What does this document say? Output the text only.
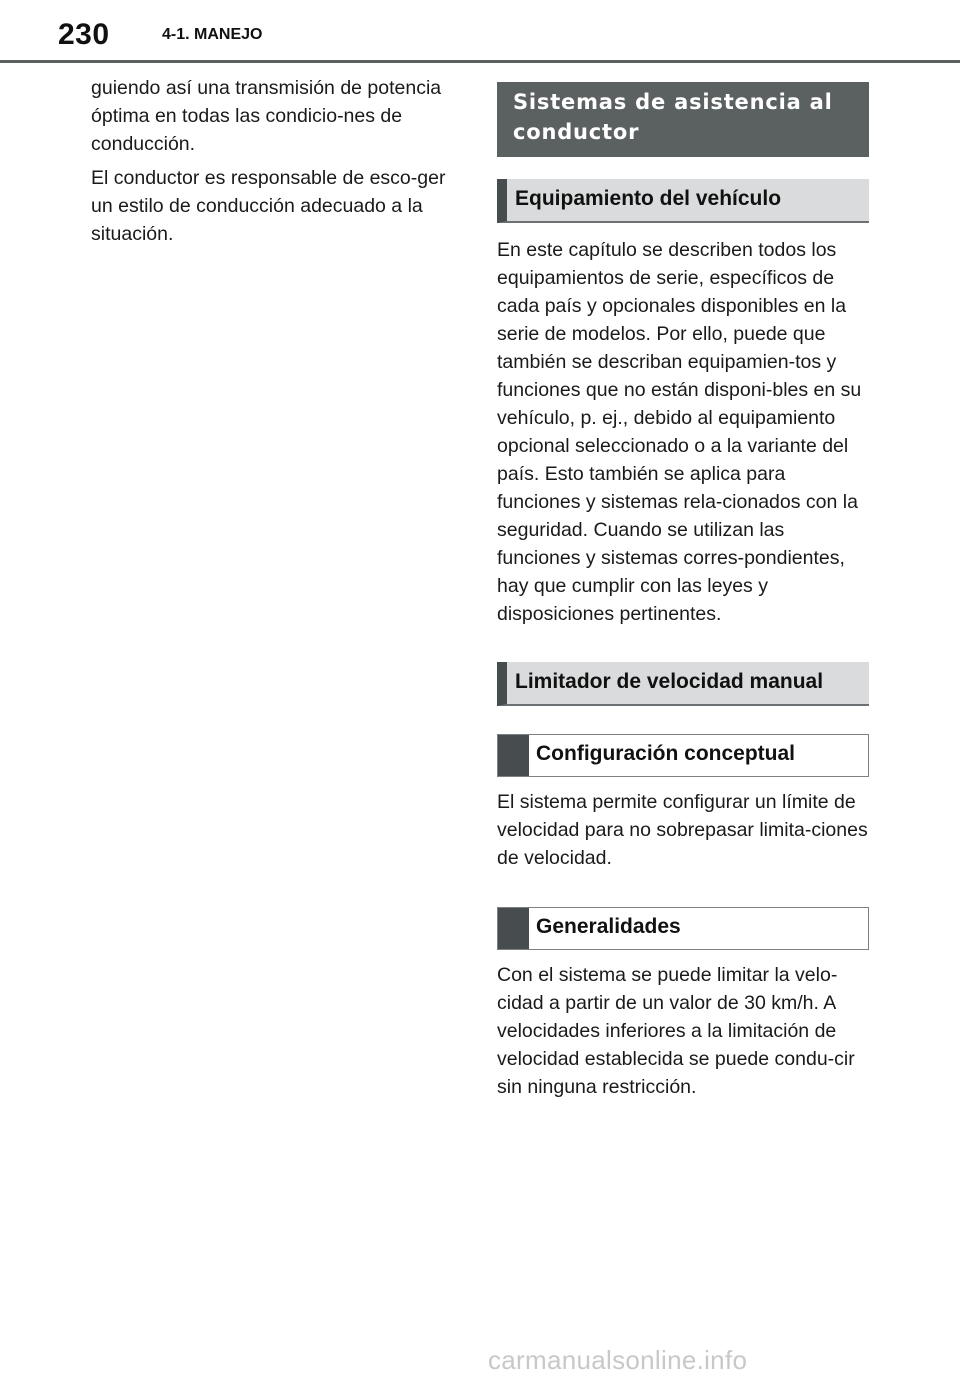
230	4-1. MANEJO

guiendo así una transmisión de potencia óptima en todas las condicio-nes de conducción.

El conductor es responsable de esco-ger un estilo de conducción adecuado a la situación.

Sistemas de asistencia al conductor
Equipamiento del vehículo

En este capítulo se describen todos los equipamientos de serie, específicos de cada país y opcionales disponibles en la serie de modelos. Por ello, puede que también se describan equipamien-tos y funciones que no están disponi-bles en su vehículo, p. ej., debido al equipamiento opcional seleccionado o a la variante del país. Esto también se aplica para funciones y sistemas rela-cionados con la seguridad. Cuando se utilizan las funciones y sistemas corres-pondientes, hay que cumplir con las leyes y disposiciones pertinentes.

Limitador de velocidad manual
Configuración conceptual

El sistema permite configurar un límite de velocidad para no sobrepasar limita-ciones de velocidad.

Generalidades

Con el sistema se puede limitar la velo-cidad a partir de un valor de 30 km/h. A velocidades inferiores a la limitación de velocidad establecida se puede condu-cir sin ninguna restricción.

carmanualsonline.info
